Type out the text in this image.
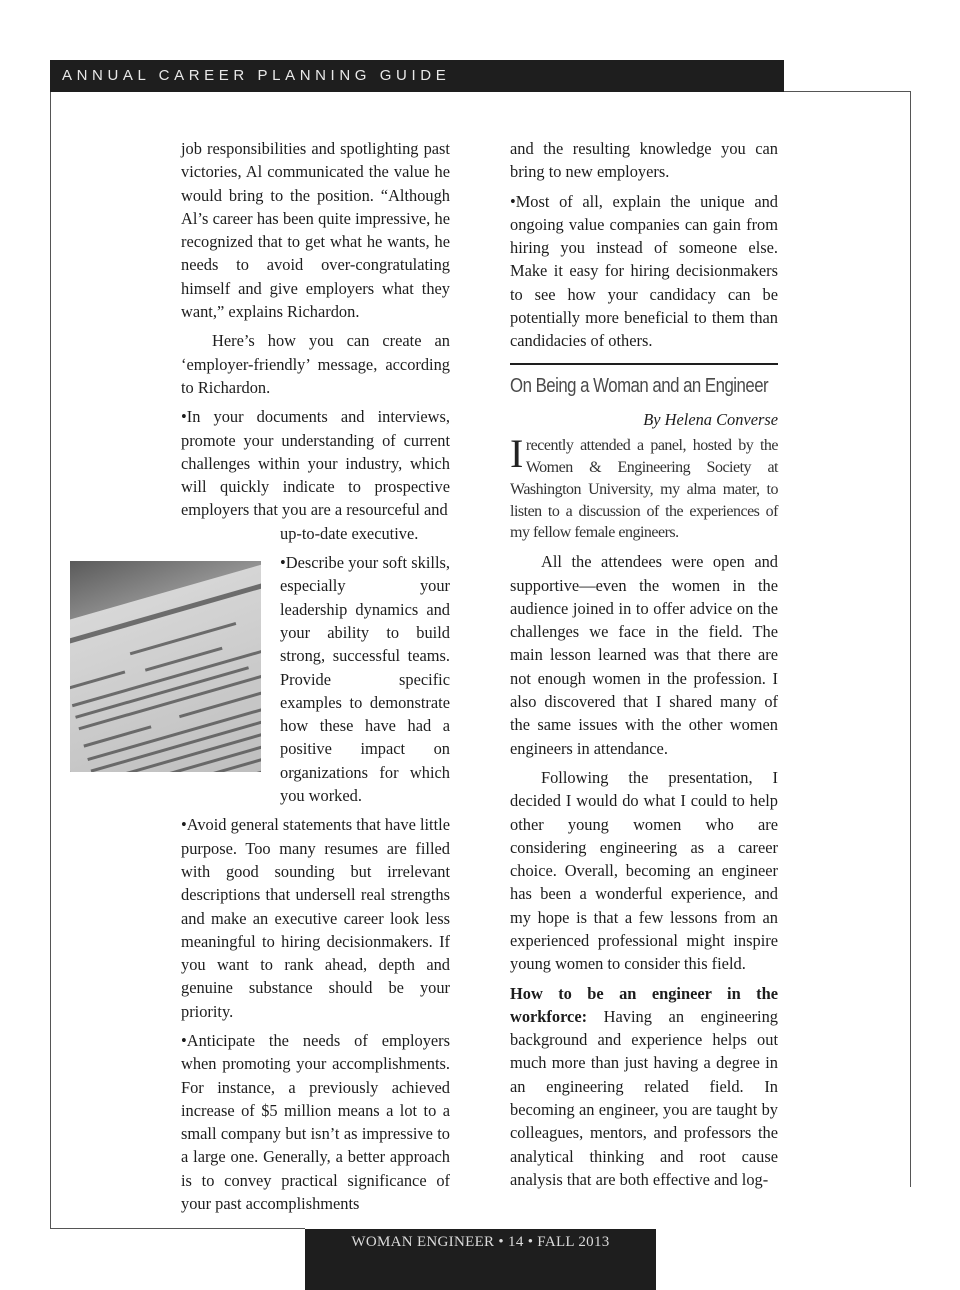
ANNUAL CAREER PLANNING GUIDE

job responsibilities and spotlighting past victories, Al communicated the value he would bring to the position. “Although Al’s career has been quite impressive, he recognized that to get what he wants, he needs to avoid over-congratulating himself and give employers what they want,” explains Richardon.

Here’s how you can create an ‘employer-friendly’ message, according to Richardon.

•In your documents and interviews, promote your understanding of current challenges within your industry, which will quickly indicate to prospective employers that you are a resourceful and

up-to-date executive.

•Describe your soft skills, especially your leadership dynamics and your ability to build strong, successful teams. Provide specific examples to demonstrate how these have had a positive impact on organizations for which you worked.

•Avoid general statements that have little purpose. Too many resumes are filled with good sounding but irrelevant descriptions that undersell real strengths and make an executive career look less meaningful to hiring decisionmakers. If you want to rank ahead, depth and genuine substance should be your priority.

•Anticipate the needs of employers when promoting your accomplishments. For instance, a previously achieved increase of $5 million means a lot to a small company but isn’t as impressive to a large one. Generally, a better approach is to convey practical significance of your past accomplishments

and the resulting knowledge you can bring to new employers.

•Most of all, explain the unique and ongoing value companies can gain from hiring you instead of someone else. Make it easy for hiring decisionmakers to see how your candidacy can be potentially more beneficial to them than candidacies of others.

On Being a Woman and an Engineer
By Helena Converse

Irecently attended a panel, hosted by the Women & Engineering Society at Washington University, my alma mater, to listen to a discussion of the experiences of my fellow female engineers.

All the attendees were open and supportive—even the women in the audience joined in to offer advice on the challenges we face in the field. The main lesson learned was that there are not enough women in the profession. I also discovered that I shared many of the same issues with the other women engineers in attendance.

Following the presentation, I decided I would do what I could to help other young women who are considering engineering as a career choice. Overall, becoming an engineer has been a wonderful experience, and my hope is that a few lessons from an experienced professional might inspire young women to consider this field.

How to be an engineer in the workforce: Having an engineering background and experience helps out much more than just having a degree in an engineering related field. In becoming an engineer, you are taught by colleagues, mentors, and professors the analytical thinking and root cause analysis that are both effective and log-

WOMAN ENGINEER • 14 • FALL 2013
